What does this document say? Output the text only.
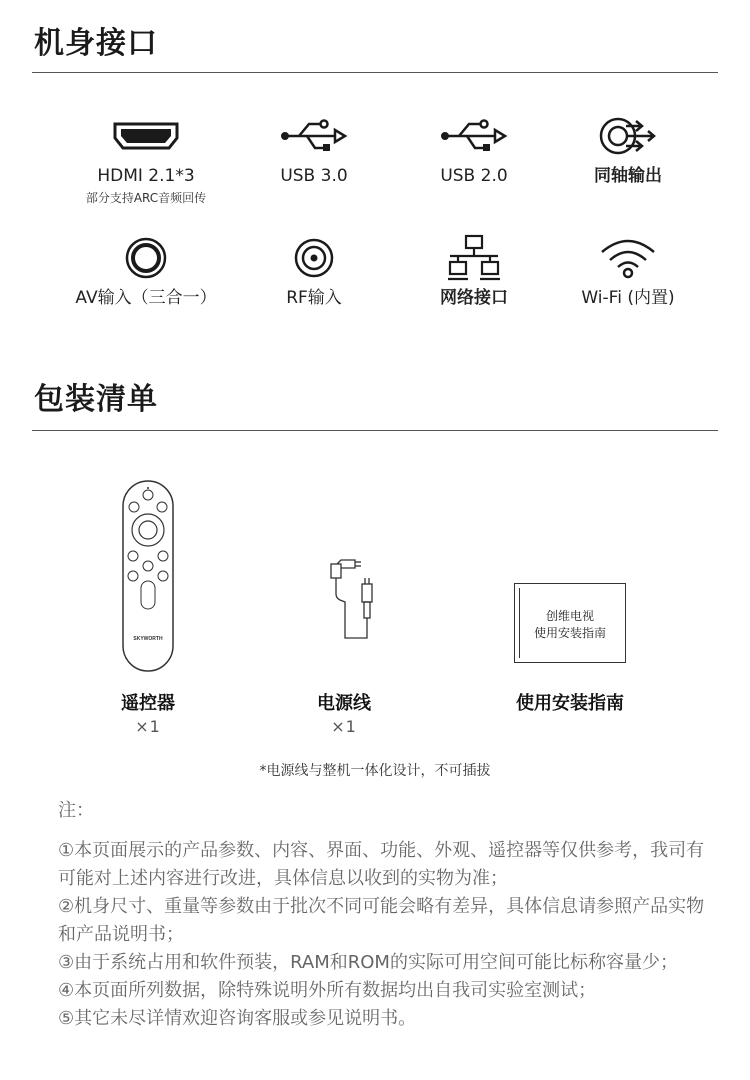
机身接口
HDMI 2.1*3
部分支持ARC音频回传
USB 3.0	USB 2.0	同轴输出
AV输入（三合一）	RF输入	网络接口	Wi-Fi (内置)
包装清单
SKYWORTH
遥控器
×1
电源线
×1
创维电视
使用安装指南
使用安装指南
*电源线与整机一体化设计，不可插拔
注：

①本页面展示的产品参数、内容、界面、功能、外观、遥控器等仅供参考，我司有 可能对上述内容进行改进，具体信息以收到的实物为准；

②机身尺寸、重量等参数由于批次不同可能会略有差异，具体信息请参照产品实物和产品说明书；

③由于系统占用和软件预装，RAM和ROM的实际可用空间可能比标称容量少；

④本页面所列数据，除特殊说明外所有数据均出自我司实验室测试；

⑤其它未尽详情欢迎咨询客服或参见说明书。
